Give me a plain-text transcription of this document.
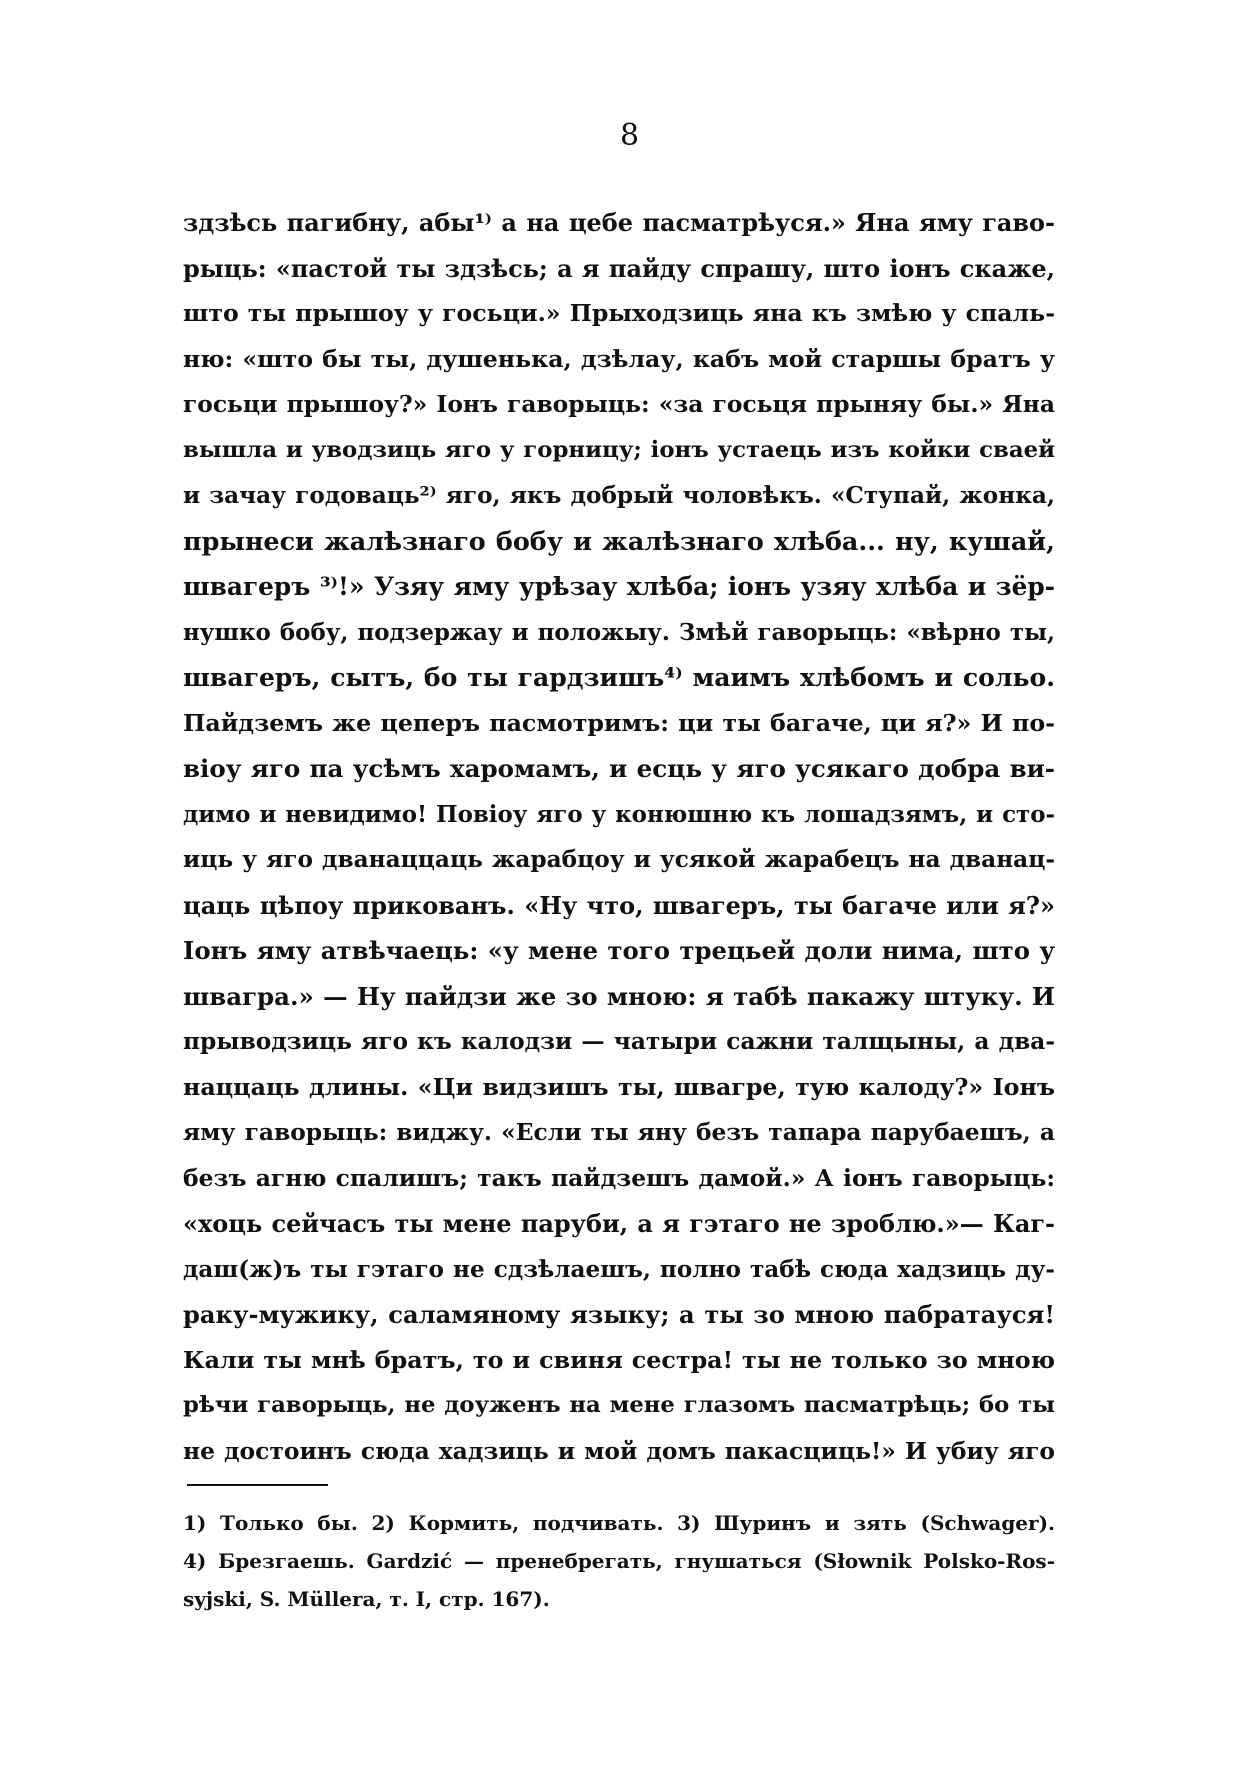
8
здзѣсь пагибну, абы¹⁾ а на цебе пасматрѣуся.» Яна яму гаво-
рыць: «пастой ты здзѣсь; а я пайду спрашу, што іонъ скаже,
што ты прышоу у госьци.» Прыходзиць яна къ змѣю у спаль-
ню: «што бы ты, душенька, дзѣлау, кабъ мой старшы братъ у
госьци прышоу?» Іонъ гаворыць: «за госьця прыняу бы.» Яна
вышла и уводзиць яго у горницу; іонъ устаець изъ койки сваей
и зачау годоваць²⁾ яго, якъ добрый чоловѣкъ. «Ступай, жонка,
прынеси жалѣзнаго бобу и жалѣзнаго хлѣба... ну, кушай,
швагеръ ³⁾!» Узяу яму урѣзау хлѣба; іонъ узяу хлѣба и зёр-
нушко бобу, подзержау и положыу. Змѣй гаворыць: «вѣрно ты,
швагеръ, сытъ, бо ты гардзишъ⁴⁾ маимъ хлѣбомъ и сольо.
Пайдземъ же цеперъ пасмотримъ: ци ты багаче, ци я?» И по-
віоу яго па усѣмъ харомамъ, и есць у яго усякаго добра ви-
димо и невидимо! Повіоу яго у конюшню къ лошадзямъ, и сто-
иць у яго дванаццаць жарабцоу и усякой жарабецъ на дванац-
цаць цѣпоу прикованъ. «Ну что, швагеръ, ты багаче или я?»
Іонъ яму атвѣчаець: «у мене того трецьей доли нима, што у
швагра.» — Ну пайдзи же зо мною: я табѣ пакажу штуку. И
прыводзиць яго къ калодзи — чатыри сажни талщыны, а два-
наццаць длины. «Ци видзишъ ты, швагре, тую калоду?» Іонъ
яму гаворыць: виджу. «Если ты яну безъ тапара парубаешъ, а
безъ агню спалишъ; такъ пайдзешъ дамой.» А іонъ гаворыць:
«хоць сейчасъ ты мене паруби, а я гэтаго не зроблю.»— Каг-
даш(ж)ъ ты гэтаго не сдзѣлаешъ, полно табѣ сюда хадзиць ду-
раку-мужику, саламяному языку; а ты зо мною пабратауся!
Кали ты мнѣ братъ, то и свиня сестра! ты не только зо мною
рѣчи гаворыць, не доуженъ на мене глазомъ пасматрѣць; бо ты
не достоинъ сюда хадзиць и мой домъ пакасциць!» И убиу яго
1) Только бы. 2) Кормить, подчивать. 3) Шуринъ и зять (Schwager).
4) Брезгаешь. Gardzić — пренебрегать, гнушаться (Słownik Polsko-Ros-
syjski, S. Müllera, т. I, стр. 167).
